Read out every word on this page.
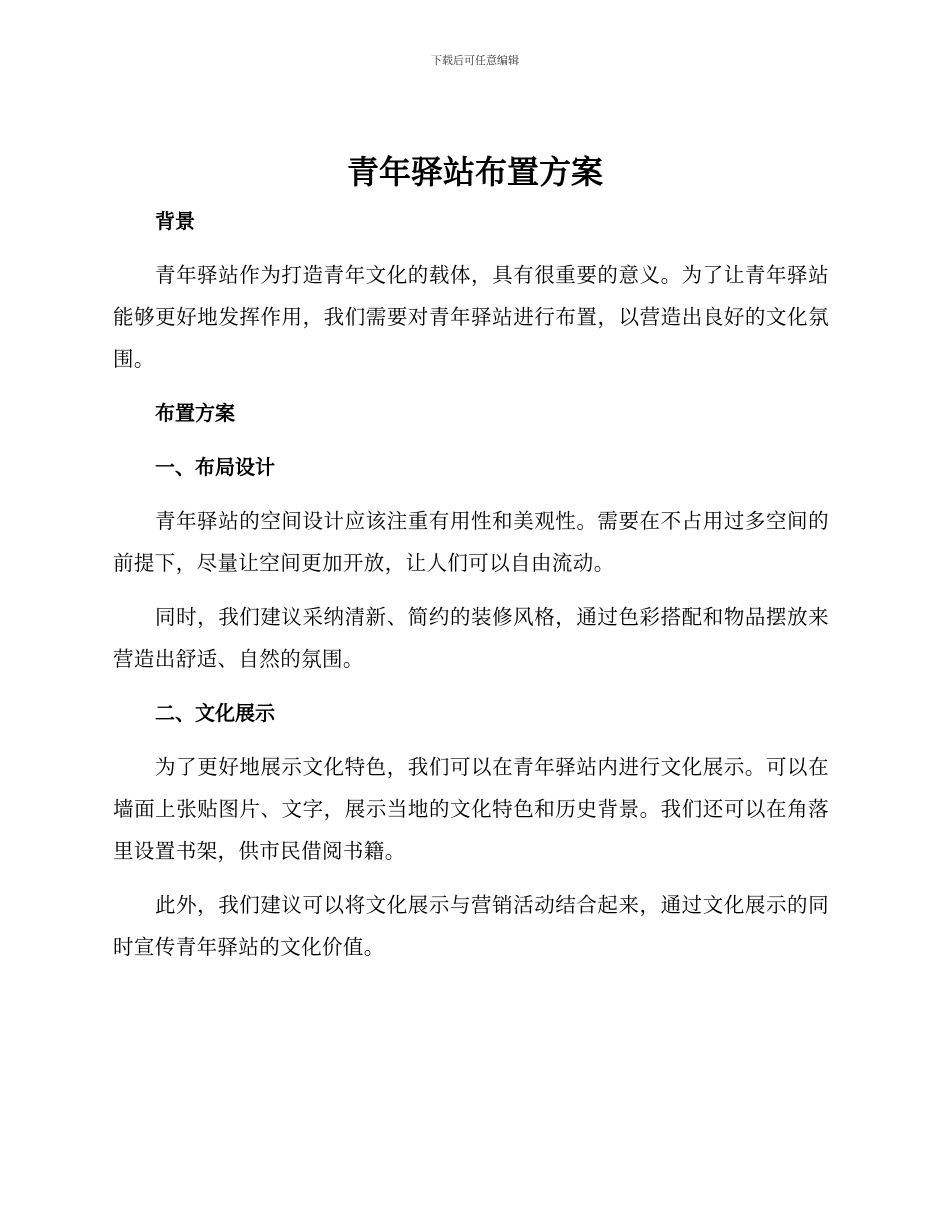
下载后可任意编辑
青年驿站布置方案

背景

青年驿站作为打造青年文化的载体，具有很重要的意义。为了让青年驿站能够更好地发挥作用，我们需要对青年驿站进行布置，以营造出良好的文化氛围。

布置方案

一、布局设计

青年驿站的空间设计应该注重有用性和美观性。需要在不占用过多空间的前提下，尽量让空间更加开放，让人们可以自由流动。

同时，我们建议采纳清新、简约的装修风格，通过色彩搭配和物品摆放来营造出舒适、自然的氛围。

二、文化展示

为了更好地展示文化特色，我们可以在青年驿站内进行文化展示。可以在墙面上张贴图片、文字，展示当地的文化特色和历史背景。我们还可以在角落里设置书架，供市民借阅书籍。

此外，我们建议可以将文化展示与营销活动结合起来，通过文化展示的同时宣传青年驿站的文化价值。
